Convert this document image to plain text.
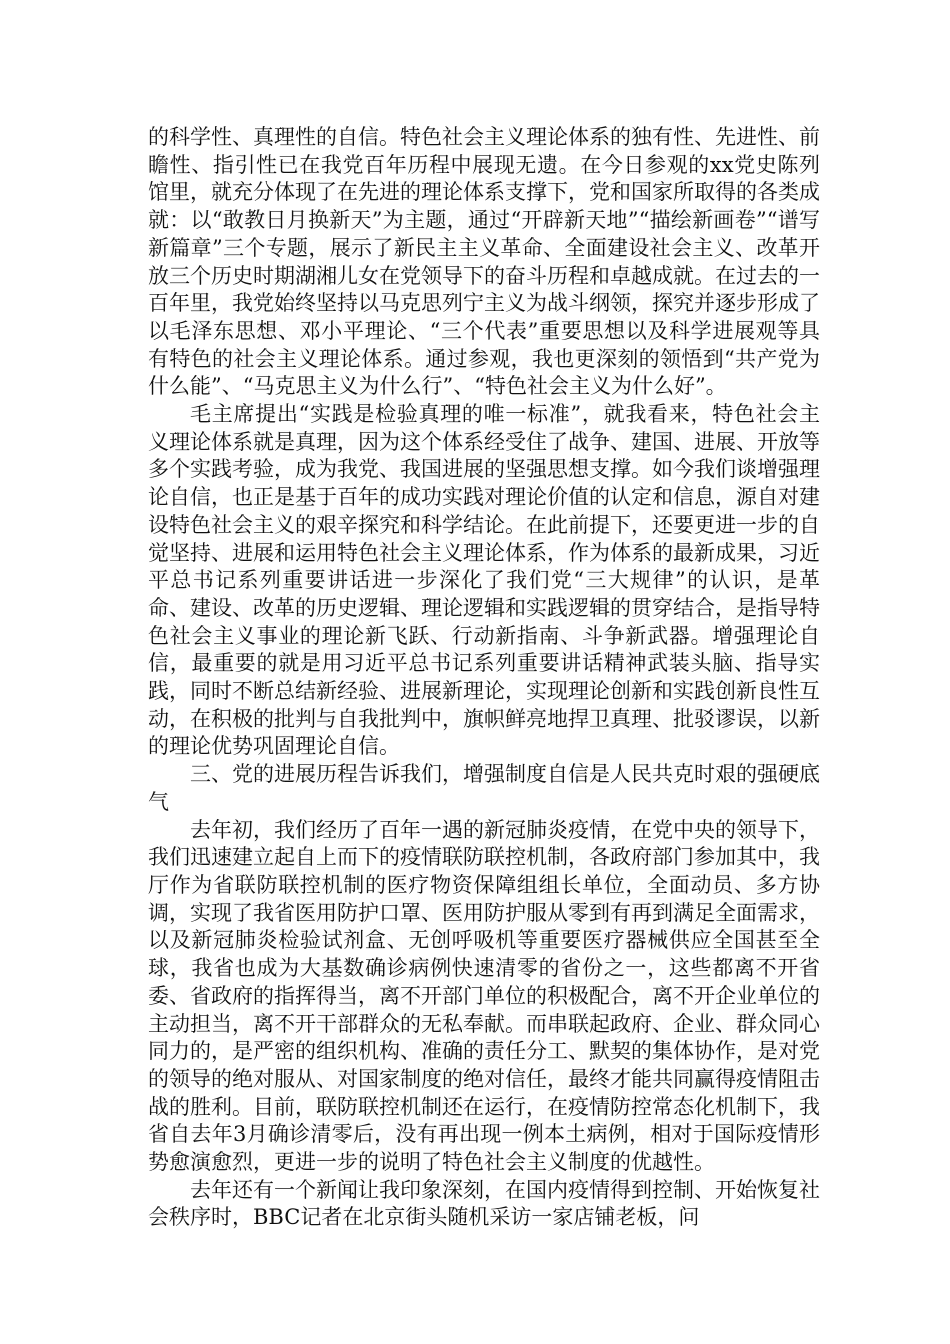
的科学性、真理性的自信。特色社会主义理论体系的独有性、先进性、前瞻性、指引性已在我党百年历程中展现无遗。在今日参观的xx党史陈列馆里，就充分体现了在先进的理论体系支撑下，党和国家所取得的各类成就：以“敢教日月换新天”为主题，通过“开辟新天地”“描绘新画卷”“谱写新篇章”三个专题，展示了新民主主义革命、全面建设社会主义、改革开放三个历史时期湖湘儿女在党领导下的奋斗历程和卓越成就。在过去的一百年里，我党始终坚持以马克思列宁主义为战斗纲领，探究并逐步形成了以毛泽东思想、邓小平理论、“三个代表”重要思想以及科学进展观等具有特色的社会主义理论体系。通过参观，我也更深刻的领悟到“共产党为什么能”、“马克思主义为什么行”、“特色社会主义为什么好”。

毛主席提出“实践是检验真理的唯一标准”，就我看来，特色社会主义理论体系就是真理，因为这个体系经受住了战争、建国、进展、开放等多个实践考验，成为我党、我国进展的坚强思想支撑。如今我们谈增强理论自信，也正是基于百年的成功实践对理论价值的认定和信息，源自对建设特色社会主义的艰辛探究和科学结论。在此前提下，还要更进一步的自觉坚持、进展和运用特色社会主义理论体系，作为体系的最新成果，习近平总书记系列重要讲话进一步深化了我们党“三大规律”的认识，是革命、建设、改革的历史逻辑、理论逻辑和实践逻辑的贯穿结合，是指导特色社会主义事业的理论新飞跃、行动新指南、斗争新武器。增强理论自信，最重要的就是用习近平总书记系列重要讲话精神武装头脑、指导实践，同时不断总结新经验、进展新理论，实现理论创新和实践创新良性互动，在积极的批判与自我批判中，旗帜鲜亮地捍卫真理、批驳谬误，以新的理论优势巩固理论自信。

三、党的进展历程告诉我们，增强制度自信是人民共克时艰的强硬底气

去年初，我们经历了百年一遇的新冠肺炎疫情，在党中央的领导下，我们迅速建立起自上而下的疫情联防联控机制，各政府部门参加其中，我厅作为省联防联控机制的医疗物资保障组组长单位，全面动员、多方协调，实现了我省医用防护口罩、医用防护服从零到有再到满足全面需求，以及新冠肺炎检验试剂盒、无创呼吸机等重要医疗器械供应全国甚至全球，我省也成为大基数确诊病例快速清零的省份之一，这些都离不开省委、省政府的指挥得当，离不开部门单位的积极配合，离不开企业单位的主动担当，离不开干部群众的无私奉献。而串联起政府、企业、群众同心同力的，是严密的组织机构、准确的责任分工、默契的集体协作，是对党的领导的绝对服从、对国家制度的绝对信任，最终才能共同赢得疫情阻击战的胜利。目前，联防联控机制还在运行，在疫情防控常态化机制下，我省自去年3月确诊清零后，没有再出现一例本土病例，相对于国际疫情形势愈演愈烈，更进一步的说明了特色社会主义制度的优越性。

去年还有一个新闻让我印象深刻，在国内疫情得到控制、开始恢复社会秩序时，BBC记者在北京街头随机采访一家店铺老板，问
